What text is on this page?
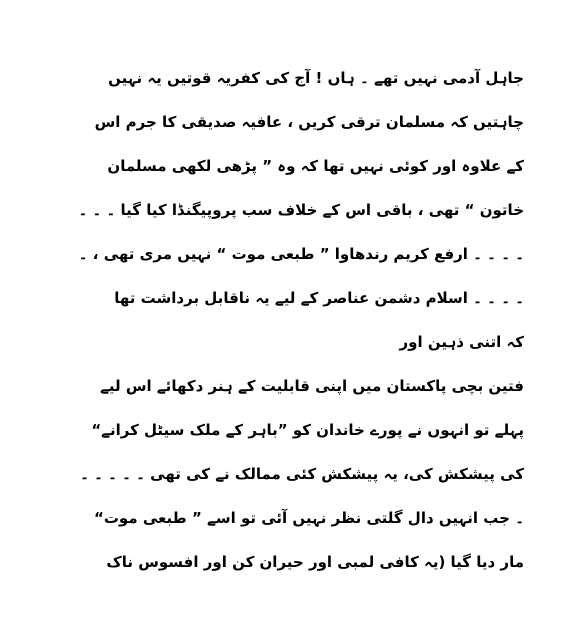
جاہل آدمی نہیں تھے ۔ ہاں ! آج کی کفریہ قوتیں یہ نہیں
چاہتیں کہ مسلمان ترقی کریں ، عافیہ صدیقی کا جرم اس
کے علاوہ اور کوئی نہیں تھا کہ وہ ” پڑھی لکھی مسلمان
خاتون “ تھی ، باقی اس کے خلاف سب پروپیگنڈا کیا گیا ۔ ۔ ۔
۔ ۔ ۔ ۔ ارفع کریم رندھاوا ” طبعی موت “ نہیں مری تھی ، ۔
۔ ۔ ۔ ۔ اسلام دشمن عناصر کے لیے یہ ناقابل برداشت تھا
کہ اتنی ذہین اور
فتین بچی پاکستان میں اپنی قابلیت کے ہنر دکھائے اس لیے
پہلے تو انہوں نے پورے خاندان کو ”باہر کے ملک سیٹل کرانے“
کی پیشکش کی، یہ پیشکش کئی ممالک نے کی تھی ۔ ۔ ۔ ۔ ۔
۔ جب انہیں دال گلتی نظر نہیں آئی تو اسے ” طبعی موت“
مار دیا گیا (یہ کافی لمبی اور حیران کن اور افسوس ناک
